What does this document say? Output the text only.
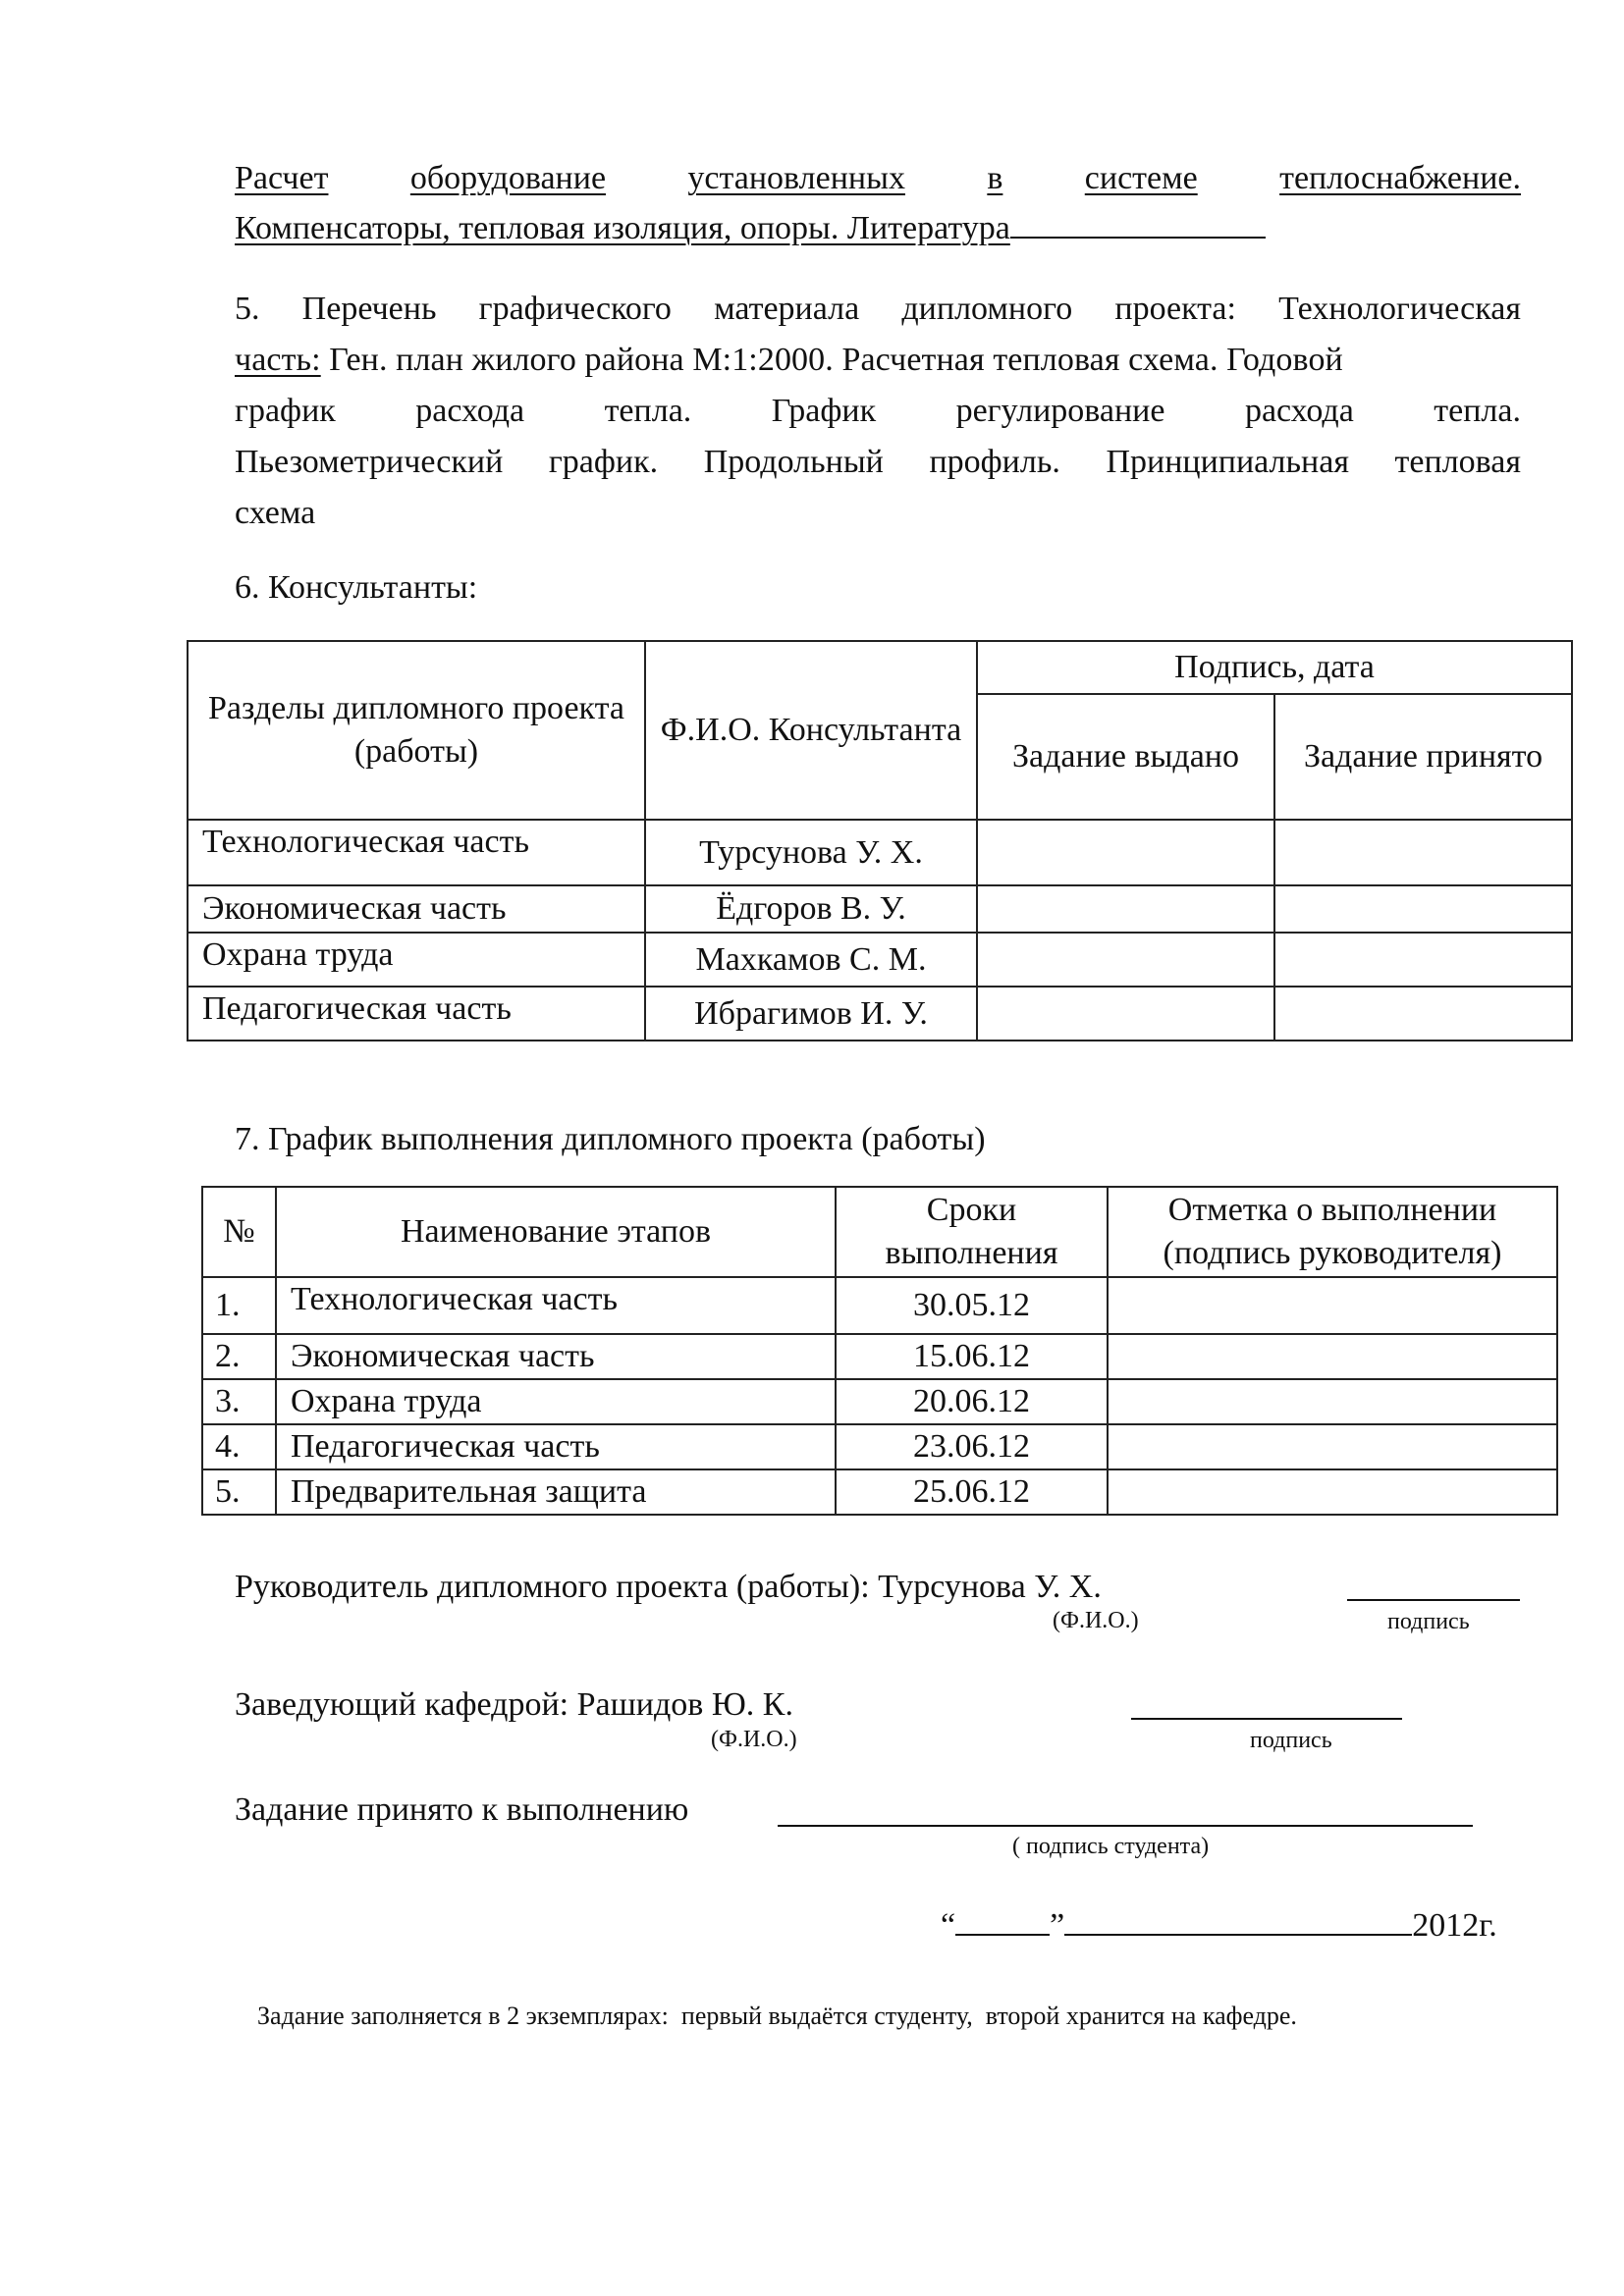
Расчет оборудование установленных в системе теплоснабжение.
Компенсаторы, тепловая изоляция, опоры. Литература
5. Перечень графического материала дипломного проекта: Технологическая
часть: Ген. план жилого района М:1:2000. Расчетная тепловая схема. Годовой
график расхода тепла. График регулирование расхода тепла.
Пьезометрический график. Продольный профиль. Принципиальная тепловая
схема
6. Консультанты:
Разделы дипломного проекта (работы)	Ф.И.О. Консультанта	Подпись, дата	
		Задание выдано	Задание принято
Технологическая часть	Турсунова У. Х.		
Экономическая часть	Ёдгоров В. У.		
Охрана труда	Махкамов С. М.		
Педагогическая часть	Ибрагимов И. У.		
7. График выполнения дипломного проекта (работы)
№	Наименование этапов	Сроки выполнения	Отметка о выполнении (подпись руководителя)
1.	Технологическая часть	30.05.12	
2.	Экономическая часть	15.06.12	
3.	Охрана труда	20.06.12	
4.	Педагогическая часть	23.06.12	
5.	Предварительная защита	25.06.12	
Руководитель дипломного проекта (работы): Турсунова У. Х.
(Ф.И.О.)	подпись
Заведующий кафедрой: Рашидов Ю. К.
(Ф.И.О.)	подпись
Задание принято к выполнению
( подпись студента)
“	”	2012г.
Задание заполняется в 2 экземплярах:  первый выдаётся студенту,  второй хранится на кафедре.
